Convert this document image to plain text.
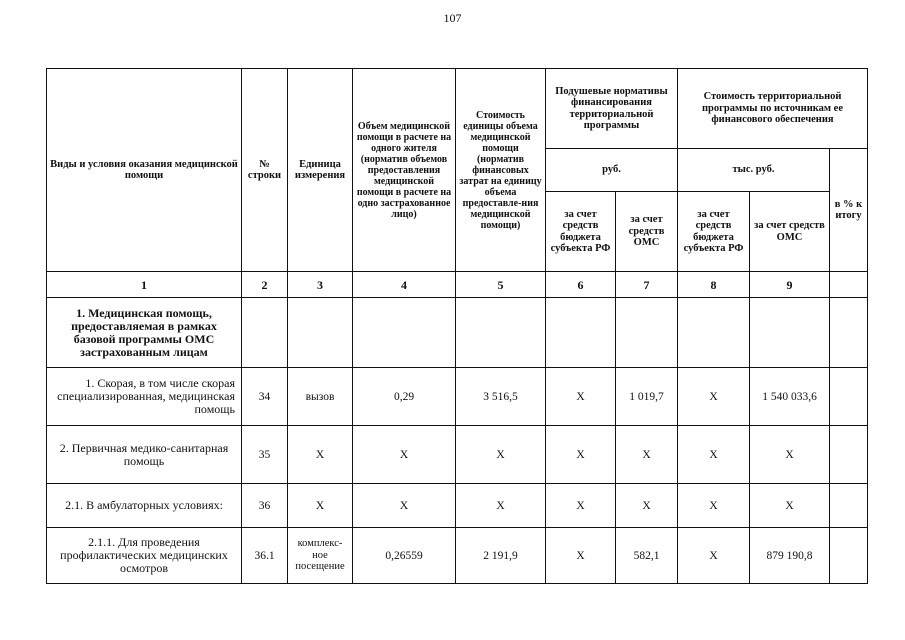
107
Виды и условия оказания медицинской помощи	№ строки	Единица измерения	Объем медицинской помощи в расчете на одного жителя (норматив объемов предоставления медицинской помощи в расчете на одно застрахованное лицо)	Стоимость единицы объема медицинской помощи (норматив финансовых затрат на единицу объема предоставле-ния медицинской помощи)	Подушевые нормативы финансирования территориальной программы		Стоимость территориальной программы по источникам ее финансового обеспечения		
					руб.		тыс. руб.		в % к итогу
					за счет средств бюджета субъекта РФ	за счет средств ОМС	за счет средств бюджета субъекта РФ	за счет средств ОМС	
1	2	3	4	5	6	7	8	9	
1. Медицинская помощь, предоставляемая в рамках базовой программы ОМС застрахованным лицам									
1. Скорая, в том числе скорая специализированная, медицинская помощь	34	вызов	0,29	3 516,5	Х	1 019,7	Х	1 540 033,6	
2. Первичная медико-санитарная помощь	35	Х	Х	Х	Х	Х	Х	Х	
2.1. В амбулаторных условиях:	36	Х	Х	Х	Х	Х	Х	Х	
2.1.1. Для проведения профилактических медицинских осмотров	36.1	комплекс-ное посещение	0,26559	2 191,9	Х	582,1	Х	879 190,8	
